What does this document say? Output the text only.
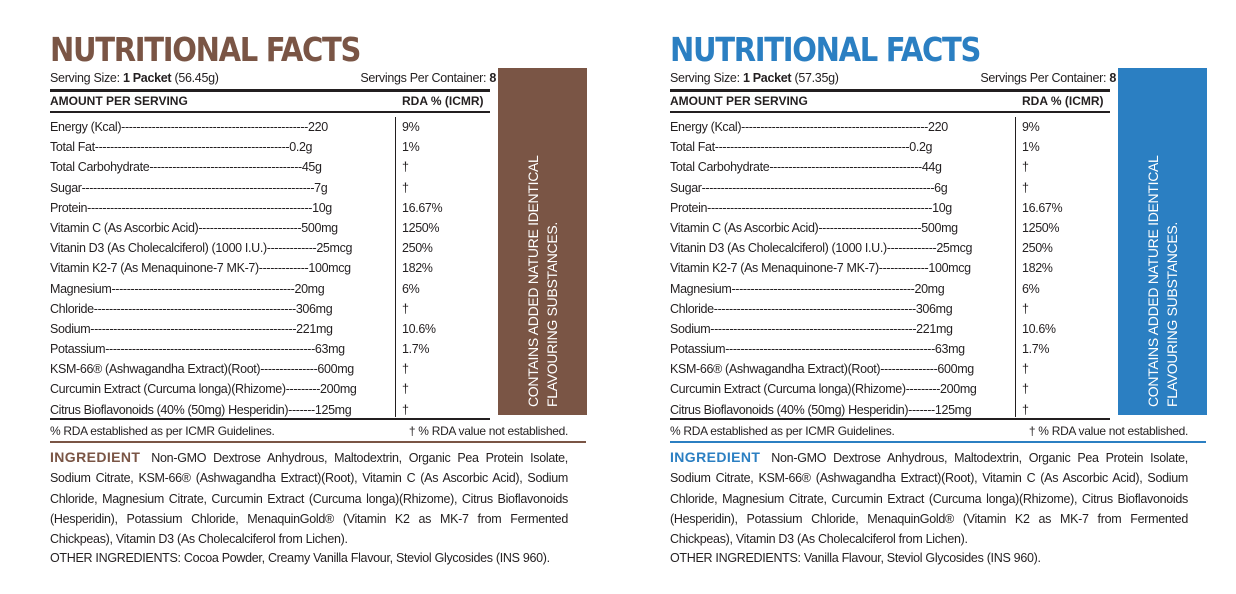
NUTRITIONAL FACTS
Serving Size: 1 Packet (56.45g)	Servings Per Container: 8
AMOUNT PER SERVING	RDA % (ICMR)
Energy (Kcal)-------------------------------------------------220	9%
Total Fat---------------------------------------------------0.2g	1%
Total Carbohydrate----------------------------------------45g	†
Sugar-------------------------------------------------------------7g	†
Protein-----------------------------------------------------------10g	16.67%
Vitamin C (As Ascorbic Acid)---------------------------500mg	1250%
Vitanin D3 (As Cholecalciferol) (1000 I.U.)-------------25mcg	250%
Vitamin K2-7 (As Menaquinone-7 MK-7)-------------100mcg	182%
Magnesium------------------------------------------------20mg	6%
Chloride-----------------------------------------------------306mg	†
Sodium------------------------------------------------------221mg	10.6%
Potassium-------------------------------------------------------63mg	1.7%
KSM-66® (Ashwagandha Extract)(Root)---------------600mg	†
Curcumin Extract (Curcuma longa)(Rhizome)---------200mg	†
Citrus Bioflavonoids (40% (50mg) Hesperidin)-------125mg	†
CONTAINS ADDED NATURE IDENTICAL FLAVOURING SUBSTANCES.
% RDA established as per ICMR Guidelines.	† % RDA value not established.
INGREDIENT Non-GMO Dextrose Anhydrous, Maltodextrin, Organic Pea Protein Isolate, Sodium Citrate, KSM-66® (Ashwagandha Extract)(Root), Vitamin C (As Ascorbic Acid), Sodium Chloride, Magnesium Citrate, Curcumin Extract (Curcuma longa)(Rhizome), Citrus Bioflavonoids (Hesperidin), Potassium Chloride, MenaquinGold® (Vitamin K2 as MK-7 from Fermented Chickpeas), Vitamin D3 (As Cholecalciferol from Lichen).
OTHER INGREDIENTS: Cocoa Powder, Creamy Vanilla Flavour, Steviol Glycosides (INS 960).
NUTRITIONAL FACTS
Serving Size: 1 Packet (57.35g)	Servings Per Container: 8
AMOUNT PER SERVING	RDA % (ICMR)
Energy (Kcal)-------------------------------------------------220	9%
Total Fat---------------------------------------------------0.2g	1%
Total Carbohydrate----------------------------------------44g	†
Sugar-------------------------------------------------------------6g	†
Protein-----------------------------------------------------------10g	16.67%
Vitamin C (As Ascorbic Acid)---------------------------500mg	1250%
Vitanin D3 (As Cholecalciferol) (1000 I.U.)-------------25mcg	250%
Vitamin K2-7 (As Menaquinone-7 MK-7)-------------100mcg	182%
Magnesium------------------------------------------------20mg	6%
Chloride-----------------------------------------------------306mg	†
Sodium------------------------------------------------------221mg	10.6%
Potassium-------------------------------------------------------63mg	1.7%
KSM-66® (Ashwagandha Extract)(Root)---------------600mg	†
Curcumin Extract (Curcuma longa)(Rhizome)---------200mg	†
Citrus Bioflavonoids (40% (50mg) Hesperidin)-------125mg	†
CONTAINS ADDED NATURE IDENTICAL FLAVOURING SUBSTANCES.
% RDA established as per ICMR Guidelines.	† % RDA value not established.
INGREDIENT Non-GMO Dextrose Anhydrous, Maltodextrin, Organic Pea Protein Isolate, Sodium Citrate, KSM-66® (Ashwagandha Extract)(Root), Vitamin C (As Ascorbic Acid), Sodium Chloride, Magnesium Citrate, Curcumin Extract (Curcuma longa)(Rhizome), Citrus Bioflavonoids (Hesperidin), Potassium Chloride, MenaquinGold® (Vitamin K2 as MK-7 from Fermented Chickpeas), Vitamin D3 (As Cholecalciferol from Lichen).
OTHER INGREDIENTS: Vanilla Flavour, Steviol Glycosides (INS 960).
